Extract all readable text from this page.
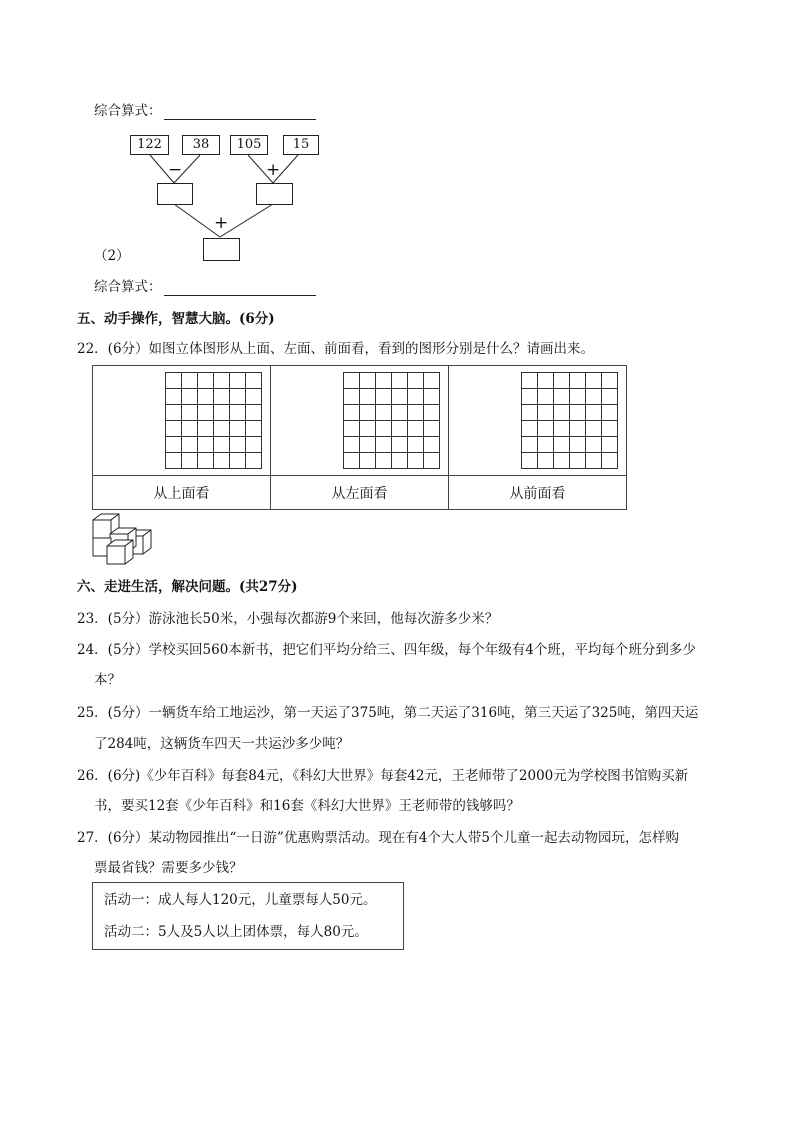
综合算式：
122	38	105	15
−	+
+
（2）
综合算式：
五、动手操作，智慧大脑。(6分)
22．(6分）如图立体图形从上面、左面、前面看，看到的图形分别是什么？请画出来。

从上面看	从左面看	从前面看
六、走进生活，解决问题。(共27分)
23．(5分）游泳池长50米，小强每次都游9个来回，他每次游多少米？
24．(5分）学校买回560本新书，把它们平均分给三、四年级，每个年级有4个班，平均每个班分到多少
本？
25．(5分）一辆货车给工地运沙，第一天运了375吨，第二天运了316吨，第三天运了325吨，第四天运
了284吨，这辆货车四天一共运沙多少吨？
26．(6分)《少年百科》每套84元，《科幻大世界》每套42元，王老师带了2000元为学校图书馆购买新
书，要买12套《少年百科》和16套《科幻大世界》王老师带的钱够吗？
27．(6分）某动物园推出“一日游”优惠购票活动。现在有4个大人带5个儿童一起去动物园玩，怎样购
票最省钱？需要多少钱？
活动一：成人每人120元，儿童票每人50元。
活动二：5人及5人以上团体票，每人80元。
